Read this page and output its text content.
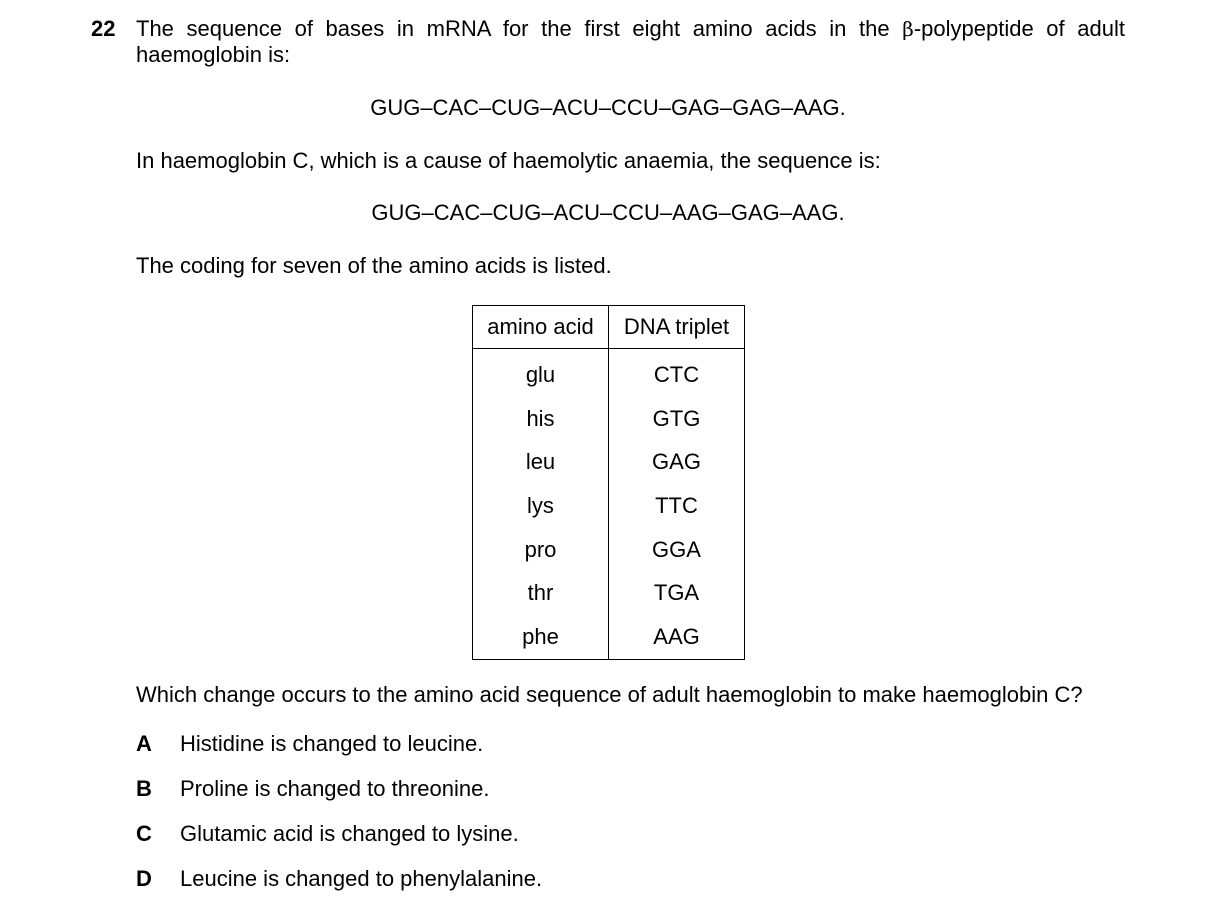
22 The sequence of bases in mRNA for the first eight amino acids in the β-polypeptide of adult haemoglobin is:
GUG–CAC–CUG–ACU–CCU–GAG–GAG–AAG.
In haemoglobin C, which is a cause of haemolytic anaemia, the sequence is:
GUG–CAC–CUG–ACU–CCU–AAG–GAG–AAG.
The coding for seven of the amino acids is listed.
amino acid	DNA triplet
glu	CTC
his	GTG
leu	GAG
lys	TTC
pro	GGA
thr	TGA
phe	AAG
Which change occurs to the amino acid sequence of adult haemoglobin to make haemoglobin C?
A Histidine is changed to leucine.
B Proline is changed to threonine.
C Glutamic acid is changed to lysine.
D Leucine is changed to phenylalanine.
